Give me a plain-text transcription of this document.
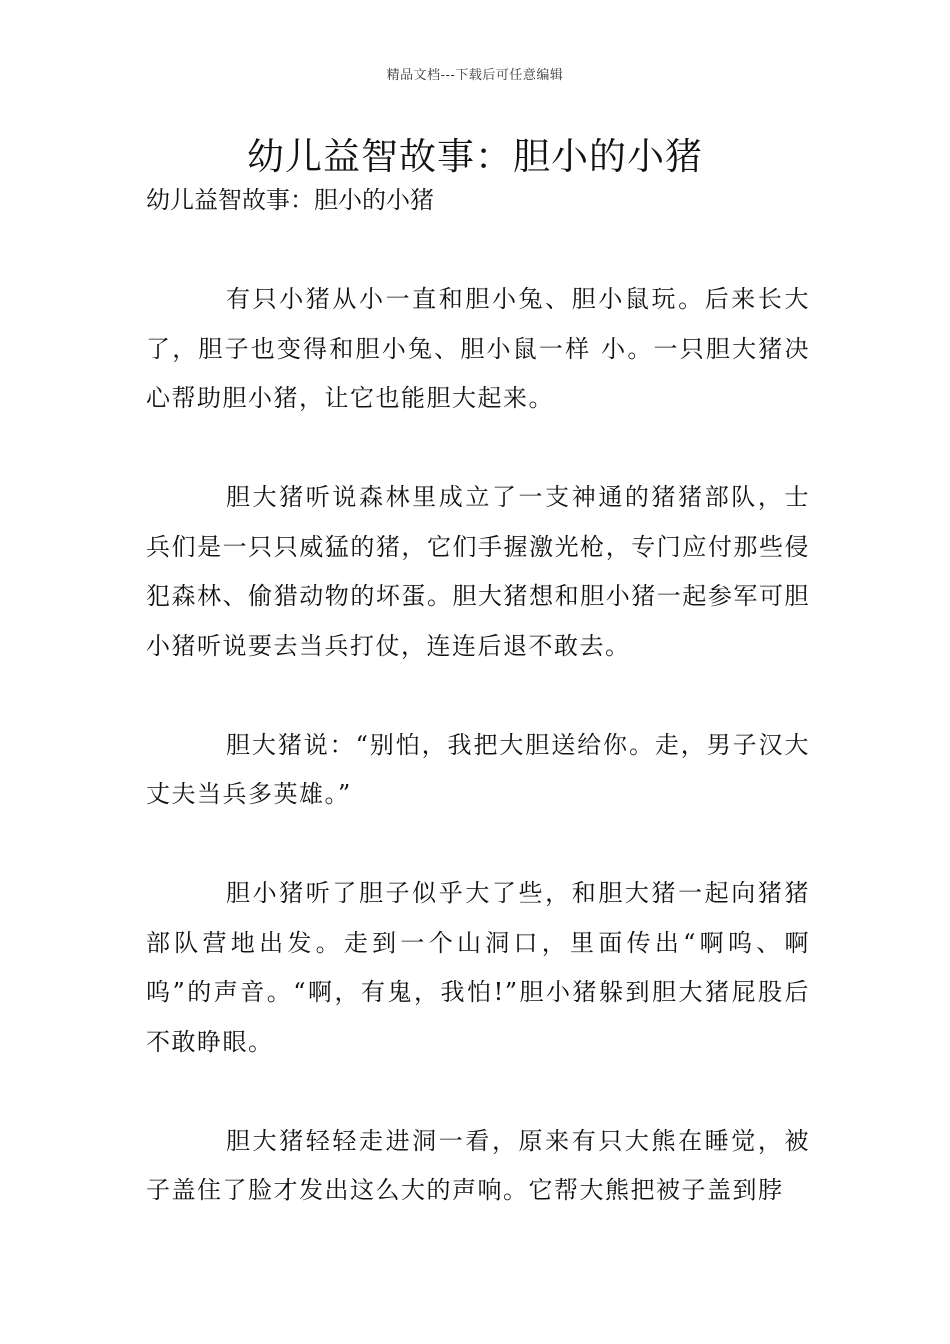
精品文档---下载后可任意编辑
幼儿益智故事：胆小的小猪
幼儿益智故事：胆小的小猪

有只小猪从小一直和胆小兔、胆小鼠玩。后来长大了，胆子也变得和胆小兔、胆小鼠一样 小。一只胆大猪决心帮助胆小猪，让它也能胆大起来。

胆大猪听说森林里成立了一支神通的猪猪部队，士兵们是一只只威猛的猪，它们手握激光枪，专门应付那些侵犯森林、偷猎动物的坏蛋。胆大猪想和胆小猪一起参军可胆小猪听说要去当兵打仗，连连后退不敢去。

胆大猪说：“别怕，我把大胆送给你。走，男子汉大丈夫当兵多英雄。”

胆小猪听了胆子似乎大了些，和胆大猪一起向猪猪部队营地出发。走到一个山洞口，里面传出“啊呜、啊呜”的声音。“啊，有鬼，我怕!”胆小猪躲到胆大猪屁股后不敢睁眼。

胆大猪轻轻走进洞一看，原来有只大熊在睡觉，被子盖住了脸才发出这么大的声响。它帮大熊把被子盖到脖
